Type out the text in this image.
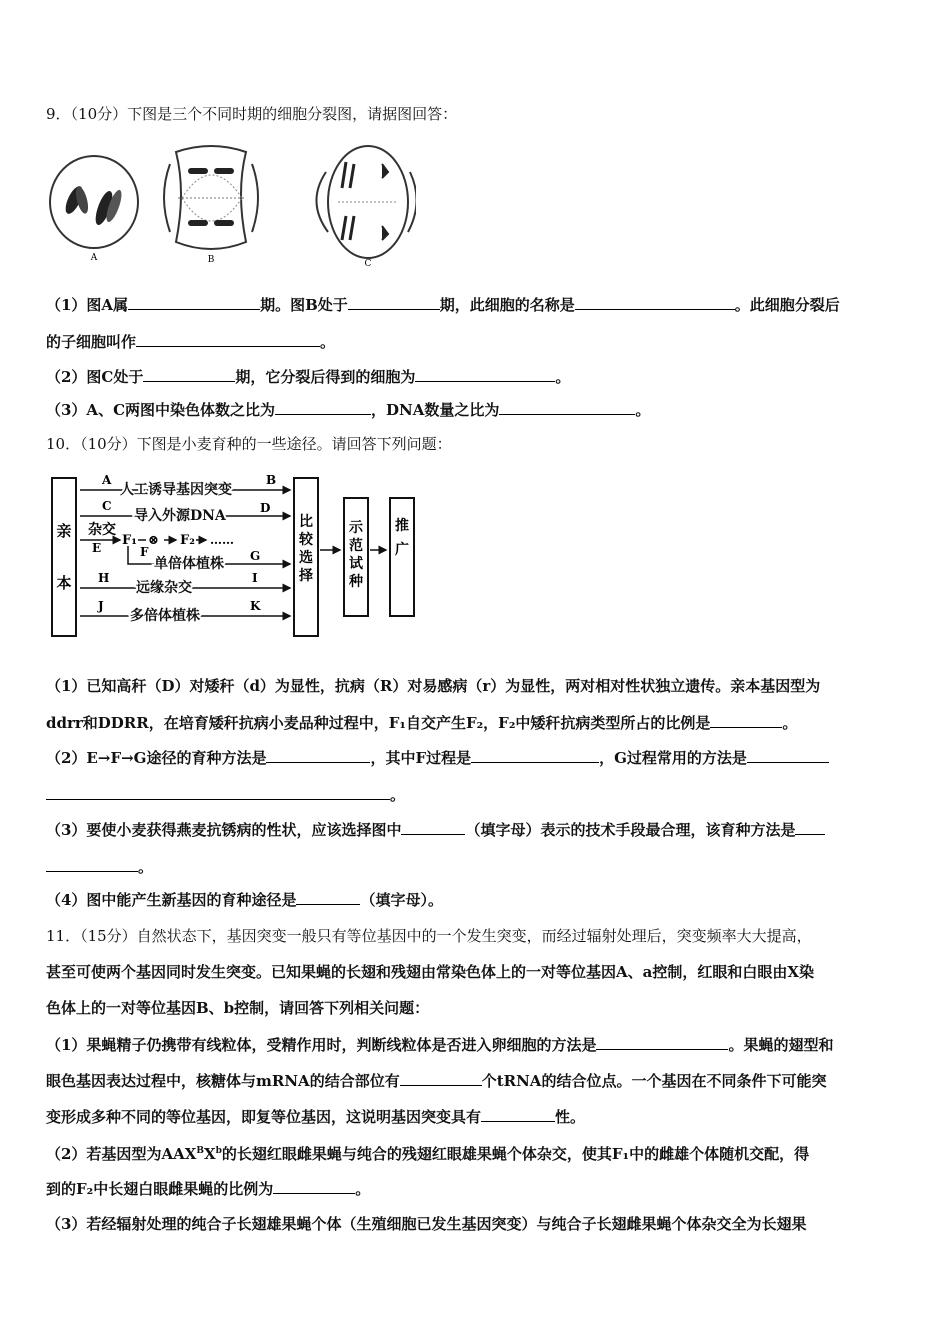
9．（10分）下图是三个不同时期的细胞分裂图，请据图回答：
A	B	C
（1）图A属	期。图B处于	期，此细胞的名称是	。此细胞分裂后
的子细胞叫作	。
（2）图C处于	期，它分裂后得到的细胞为	。
（3）A、C两图中染色体数之比为	，DNA数量之比为	。
10．（10分）下图是小麦育种的一些途径。请回答下列问题：
亲
本
比
较
选
择
示
范
试
种
推
广
A
人工诱导基因突变
B
C
导入外源DNA	D
杂交
E F₁ ⊗ F₂ ……
F
单倍体植株 G
H
远缘杂交
I
J
多倍体植株
K
（1）已知高秆（D）对矮秆（d）为显性，抗病（R）对易感病（r）为显性，两对相对性状独立遗传。亲本基因型为
ddrr和DDRR，在培育矮秆抗病小麦品种过程中，F₁自交产生F₂，F₂中矮秆抗病类型所占的比例是	。
（2）E→F→G途径的育种方法是	，其中F过程是	，G过程常用的方法是
。
（3）要使小麦获得燕麦抗锈病的性状，应该选择图中	（填字母）表示的技术手段最合理，该育种方法是
。
（4）图中能产生新基因的育种途径是	（填字母）。
11．（15分）自然状态下，基因突变一般只有等位基因中的一个发生突变，而经过辐射处理后，突变频率大大提高，
甚至可使两个基因同时发生突变。已知果蝇的长翅和残翅由常染色体上的一对等位基因A、a控制，红眼和白眼由X染
色体上的一对等位基因B、b控制，请回答下列相关问题：
（1）果蝇精子仍携带有线粒体，受精作用时，判断线粒体是否进入卵细胞的方法是	。果蝇的翅型和
眼色基因表达过程中，核糖体与mRNA的结合部位有	个tRNA的结合位点。一个基因在不同条件下可能突
变形成多种不同的等位基因，即复等位基因，这说明基因突变具有	性。
（2）若基因型为$AAX^BX^b$的长翅红眼雌果蝇与纯合的残翅红眼雄果蝇个体杂交，使其F₁中的雌雄个体随机交配，得
到的F₂中长翅白眼雌果蝇的比例为	。
（3）若经辐射处理的纯合子长翅雄果蝇个体（生殖细胞已发生基因突变）与纯合子长翅雌果蝇个体杂交全为长翅果
